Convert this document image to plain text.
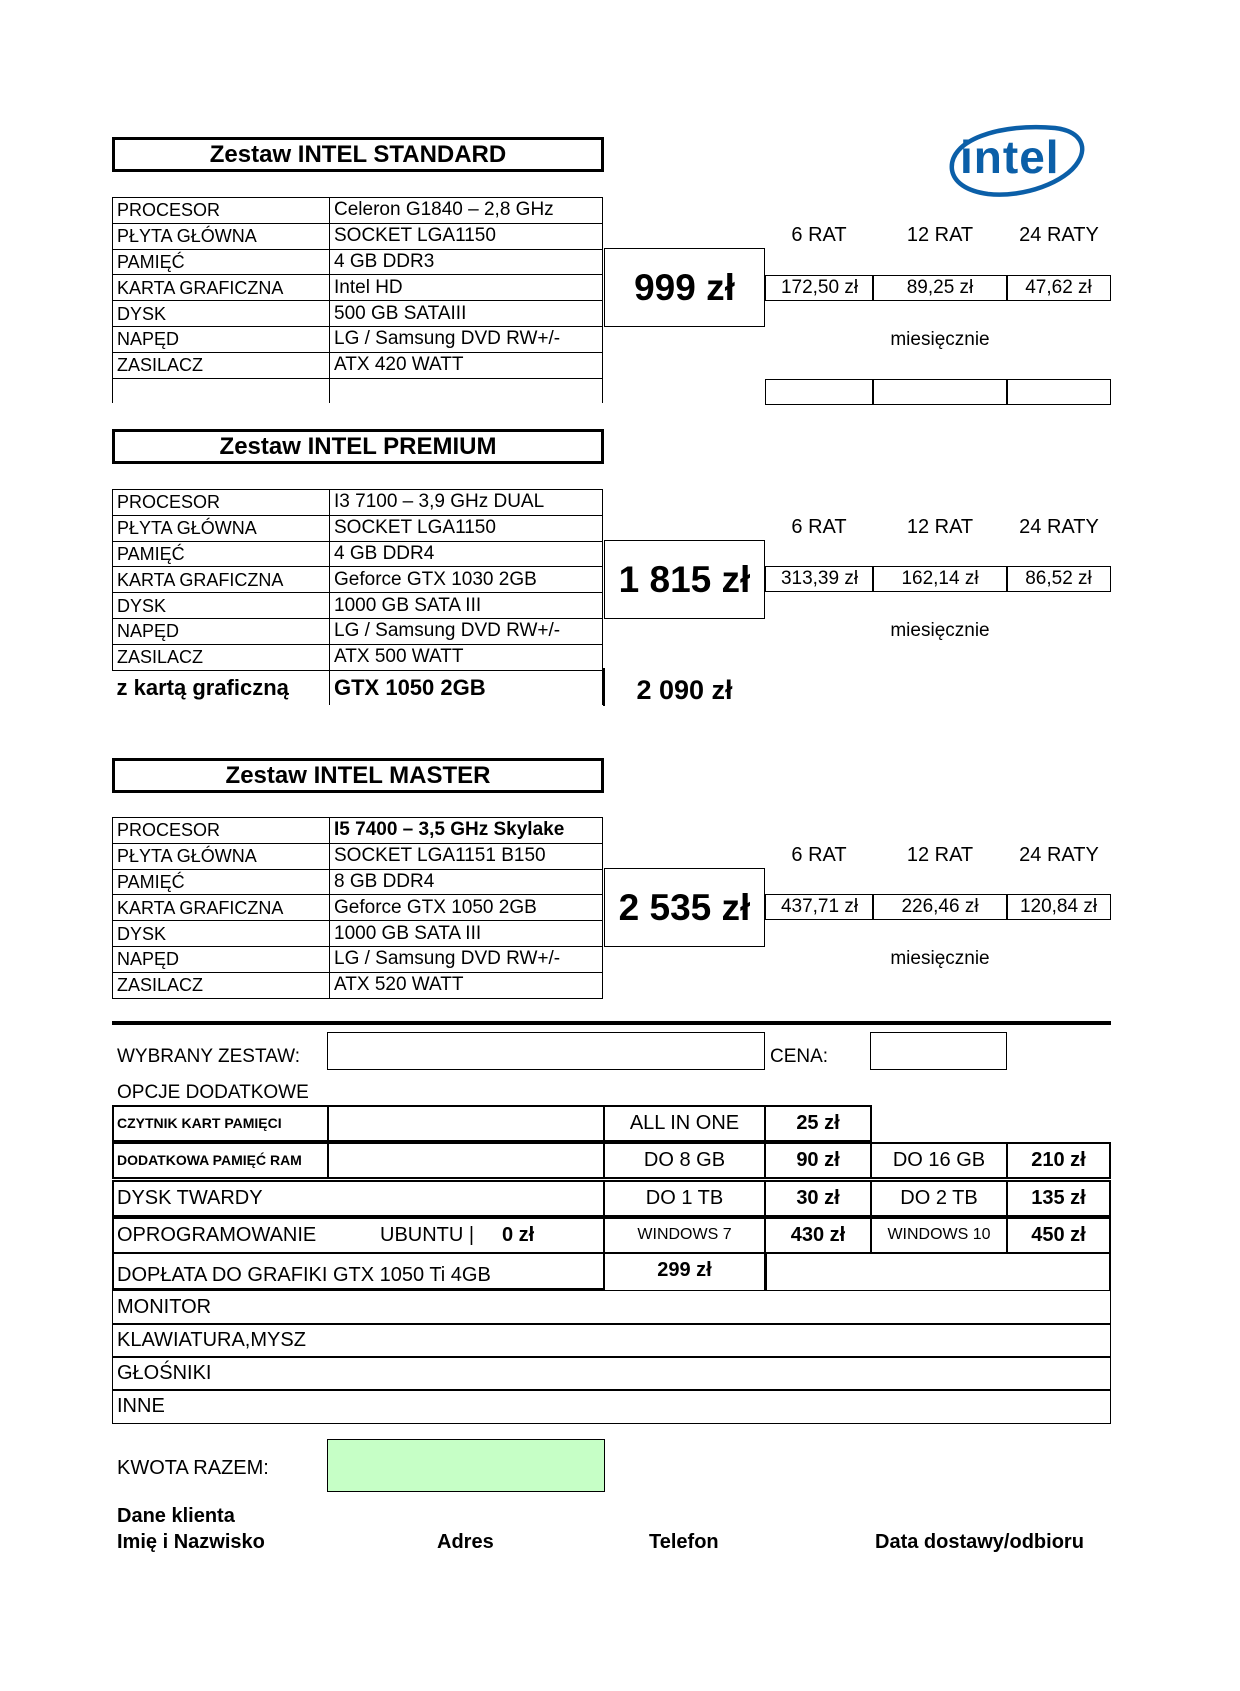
intel
Zestaw INTEL STANDARD
PROCESOR	Celeron G1840 – 2,8 GHz
PŁYTA GŁÓWNA	SOCKET LGA1150
PAMIĘĆ	4 GB DDR3
KARTA GRAFICZNA	Intel HD
DYSK	500 GB SATAIII
NAPĘD	LG / Samsung DVD RW+/-
ZASILACZ	ATX 420 WATT

999 zł
6 RAT	12 RAT	24 RATY
172,50 zł	89,25 zł	47,62 zł
miesięcznie
Zestaw INTEL PREMIUM
PROCESOR	I3 7100 – 3,9 GHz DUAL
PŁYTA GŁÓWNA	SOCKET LGA1150
PAMIĘĆ	4 GB DDR4
KARTA GRAFICZNA	Geforce GTX 1030 2GB
DYSK	1000 GB SATA III
NAPĘD	LG / Samsung DVD RW+/-
ZASILACZ	ATX 500 WATT
z kartą graficzną	GTX 1050 2GB
1 815 zł
2 090 zł
6 RAT	12 RAT	24 RATY
313,39 zł	162,14 zł	86,52 zł
miesięcznie
Zestaw INTEL MASTER
PROCESOR	I5 7400 – 3,5 GHz Skylake
PŁYTA GŁÓWNA	SOCKET LGA1151 B150
PAMIĘĆ	8 GB DDR4
KARTA GRAFICZNA	Geforce GTX 1050 2GB
DYSK	1000 GB SATA III
NAPĘD	LG / Samsung DVD RW+/-
ZASILACZ	ATX 520 WATT
2 535 zł
6 RAT	12 RAT	24 RATY
437,71 zł	226,46 zł	120,84 zł
miesięcznie
WYBRANY ZESTAW:	CENA:
OPCJE DODATKOWE
CZYTNIK KART PAMIĘCI	ALL IN ONE	25 zł
DODATKOWA PAMIĘĆ RAM	DO 8 GB	90 zł	DO 16 GB	210 zł
DYSK TWARDY	DO 1 TB	30 zł	DO 2 TB	135 zł
OPROGRAMOWANIE	UBUNTU | 0 zł	WINDOWS 7	430 zł	WINDOWS 10	450 zł
DOPŁATA DO GRAFIKI GTX 1050 Ti 4GB	299 zł
MONITOR
KLAWIATURA,MYSZ
GŁOŚNIKI
INNE
KWOTA RAZEM:
Dane klienta
Imię i Nazwisko	Adres	Telefon	Data dostawy/odbioru
